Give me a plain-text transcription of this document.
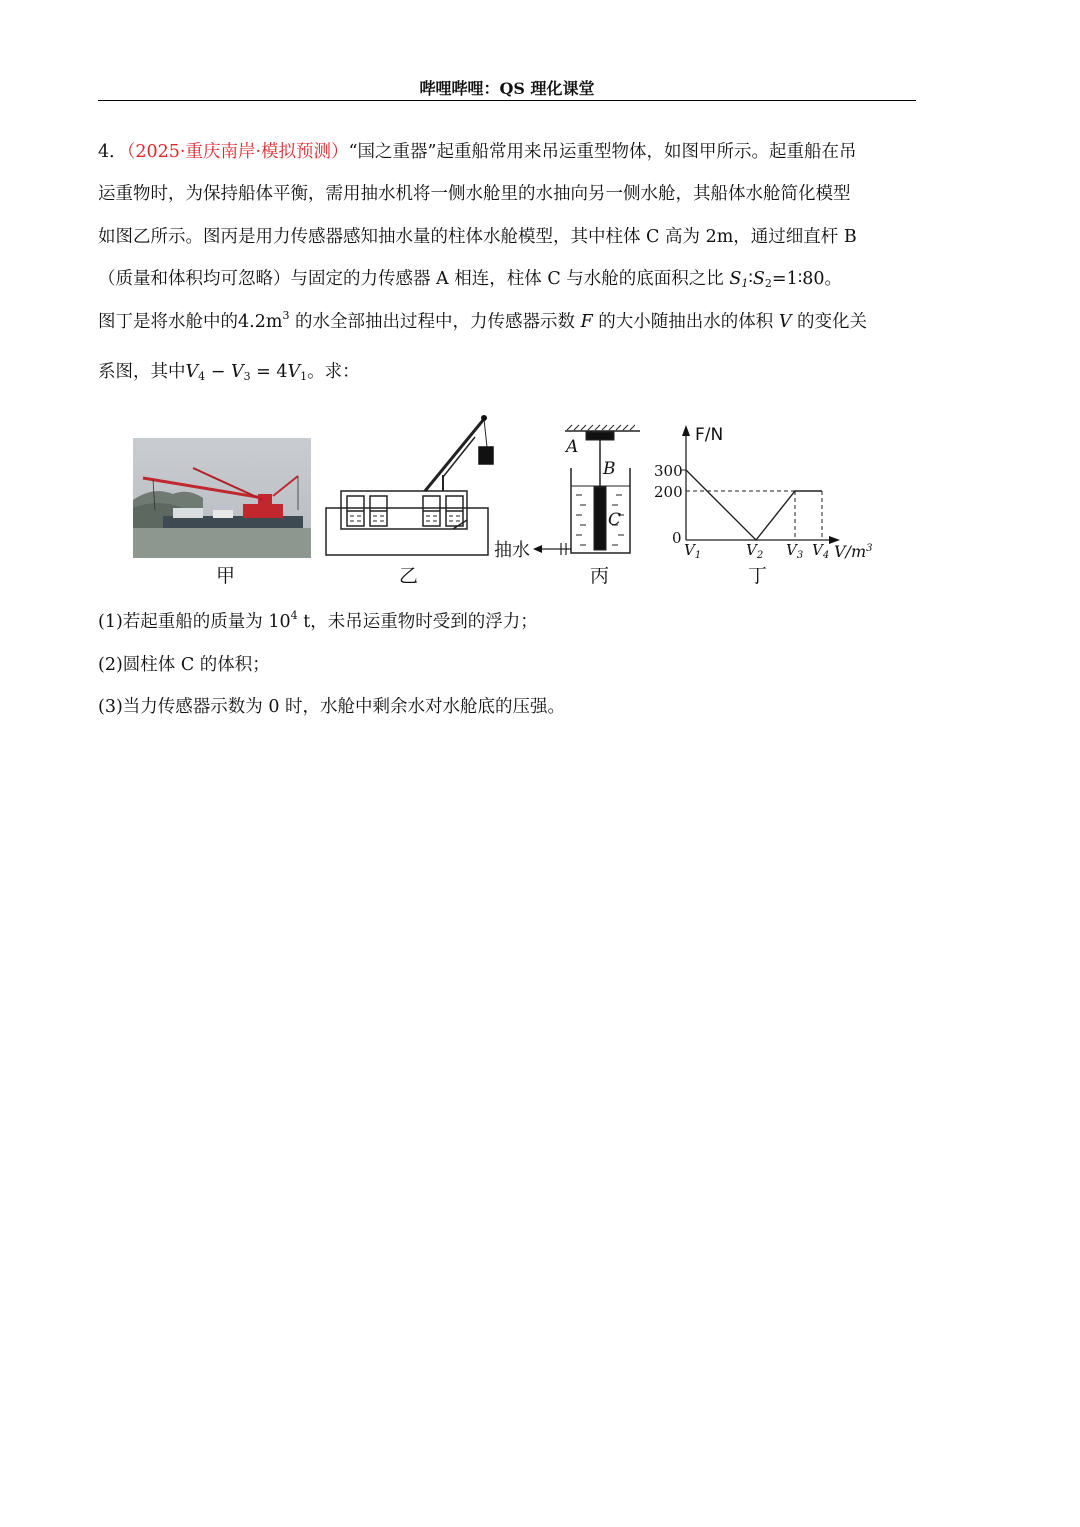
哔哩哔哩：QS 理化课堂
4．（2025·重庆南岸·模拟预测）“国之重器”起重船常用来吊运重型物体，如图甲所示。起重船在吊
运重物时，为保持船体平衡，需用抽水机将一侧水舱里的水抽向另一侧水舱，其船体水舱简化模型
如图乙所示。图丙是用力传感器感知抽水量的柱体水舱模型，其中柱体 C 高为 2m，通过细直杆 B
（质量和体积均可忽略）与固定的力传感器 A 相连，柱体 C 与水舱的底面积之比 $S_1∶S_2=1∶80$。
图丁是将水舱中的$4.2m^3$ 的水全部抽出过程中，力传感器示数 F 的大小随抽出水的体积 V 的变化关
系图，其中$V_4 - V_3 = 4V_1$。求：
A
B
C
抽水
F/N
300
200
0
$V_1$	$V_2$ $V_3$ $V_4$ $V/m^3$
甲	乙	丙	丁
(1)若起重船的质量为 $10^4$ t，未吊运重物时受到的浮力；
(2)圆柱体 C 的体积；
(3)当力传感器示数为 0 时，水舱中剩余水对水舱底的压强。
